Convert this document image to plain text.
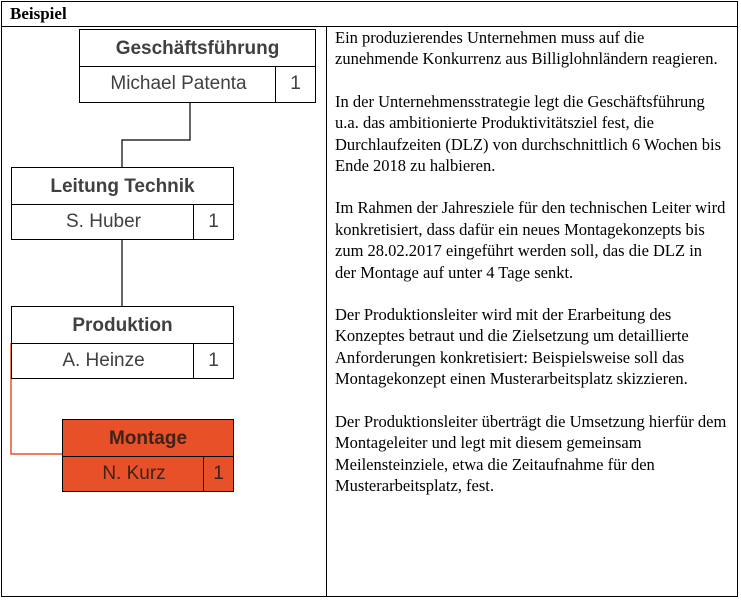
Beispiel
Geschäftsführung
Michael Patenta	1
Leitung Technik
S. Huber	1
Produktion
A. Heinze	1
Montage
N. Kurz	1

Ein produzierendes Unternehmen muss auf die zunehmende Konkurrenz aus Billiglohnländern reagieren.

In der Unternehmensstrategie legt die Geschäftsführung u.a. das ambitionierte Produktivitätsziel fest, die Durchlaufzeiten (DLZ) von durchschnittlich 6 Wochen bis Ende 2018 zu halbieren.

Im Rahmen der Jahresziele für den technischen Leiter wird konkretisiert, dass dafür ein neues Montagekonzepts bis zum 28.02.2017 eingeführt werden soll, das die DLZ in der Montage auf unter 4 Tage senkt.

Der Produktionsleiter wird mit der Erarbeitung des Konzeptes betraut und die Zielsetzung um detaillierte Anforderungen konkretisiert: Beispielsweise soll das Montagekonzept einen Musterarbeitsplatz skizzieren.

Der Produktionsleiter überträgt die Umsetzung hierfür dem Montageleiter und legt mit diesem gemeinsam Meilensteinziele, etwa die Zeitaufnahme für den Musterarbeitsplatz, fest.
